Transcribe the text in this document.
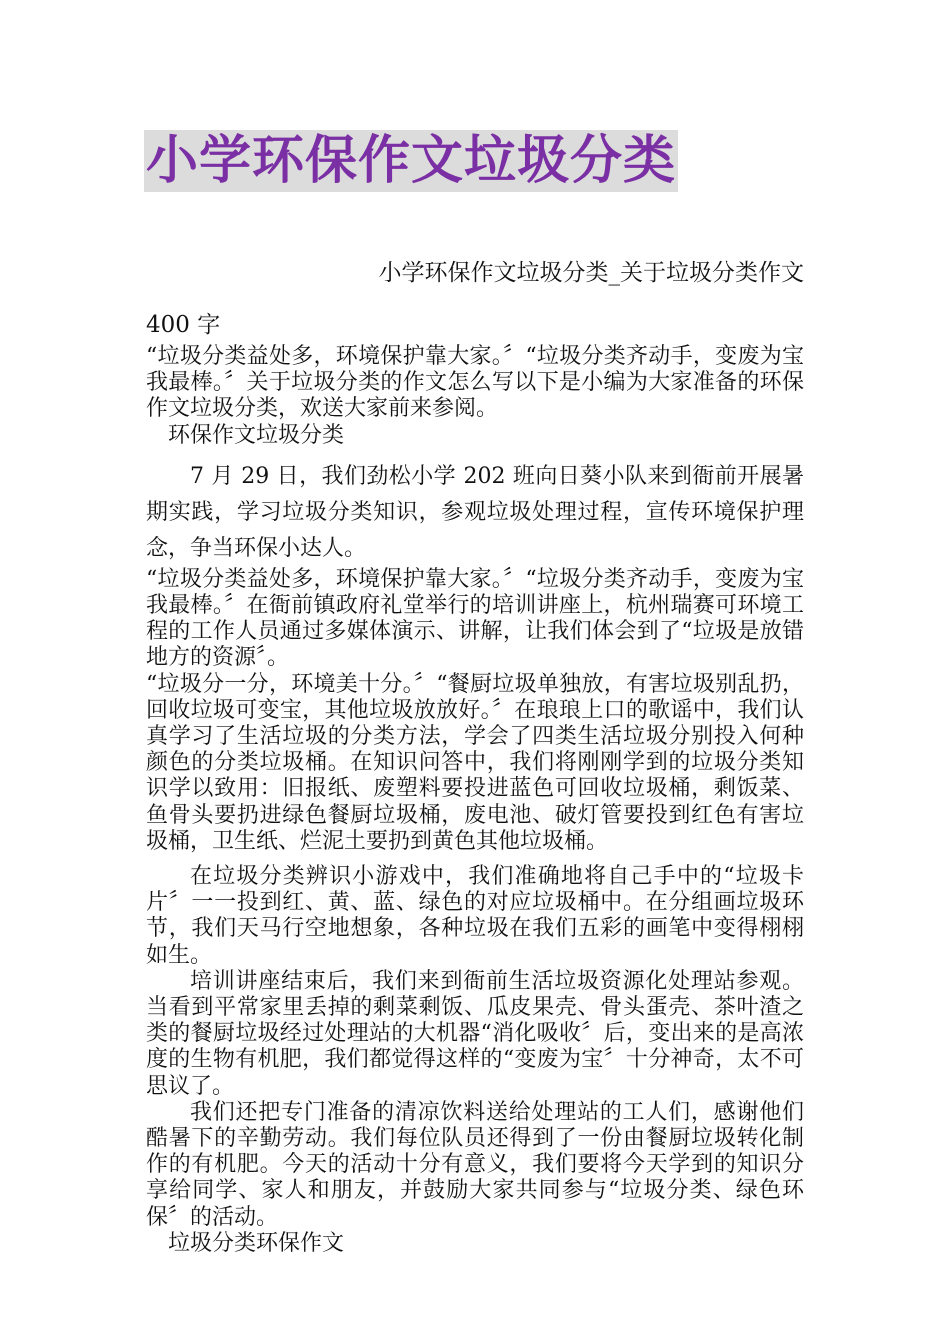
小学环保作文垃圾分类

小学环保作文垃圾分类_关于垃圾分类作文

400 字

“垃圾分类益处多，环境保护靠大家。〞“垃圾分类齐动手，变废为宝我最棒。〞关于垃圾分类的作文怎么写以下是小编为大家准备的环保作文垃圾分类，欢送大家前来参阅。

环保作文垃圾分类

7 月 29 日，我们劲松小学 202 班向日葵小队来到衙前开展暑期实践，学习垃圾分类知识，参观垃圾处理过程，宣传环境保护理念，争当环保小达人。

“垃圾分类益处多，环境保护靠大家。〞“垃圾分类齐动手，变废为宝我最棒。〞在衙前镇政府礼堂举行的培训讲座上，杭州瑞赛可环境工程的工作人员通过多媒体演示、讲解，让我们体会到了“垃圾是放错地方的资源〞。

“垃圾分一分，环境美十分。〞“餐厨垃圾单独放，有害垃圾别乱扔，回收垃圾可变宝，其他垃圾放放好。〞在琅琅上口的歌谣中，我们认真学习了生活垃圾的分类方法，学会了四类生活垃圾分别投入何种颜色的分类垃圾桶。在知识问答中，我们将刚刚学到的垃圾分类知识学以致用：旧报纸、废塑料要投进蓝色可回收垃圾桶，剩饭菜、鱼骨头要扔进绿色餐厨垃圾桶，废电池、破灯管要投到红色有害垃圾桶，卫生纸、烂泥土要扔到黄色其他垃圾桶。

在垃圾分类辨识小游戏中，我们准确地将自己手中的“垃圾卡片〞一一投到红、黄、蓝、绿色的对应垃圾桶中。在分组画垃圾环节，我们天马行空地想象，各种垃圾在我们五彩的画笔中变得栩栩如生。

培训讲座结束后，我们来到衙前生活垃圾资源化处理站参观。当看到平常家里丢掉的剩菜剩饭、瓜皮果壳、骨头蛋壳、茶叶渣之类的餐厨垃圾经过处理站的大机器“消化吸收〞后，变出来的是高浓度的生物有机肥，我们都觉得这样的“变废为宝〞十分神奇，太不可思议了。

我们还把专门准备的清凉饮料送给处理站的工人们，感谢他们酷暑下的辛勤劳动。我们每位队员还得到了一份由餐厨垃圾转化制作的有机肥。今天的活动十分有意义，我们要将今天学到的知识分享给同学、家人和朋友，并鼓励大家共同参与“垃圾分类、绿色环保〞的活动。

垃圾分类环保作文
